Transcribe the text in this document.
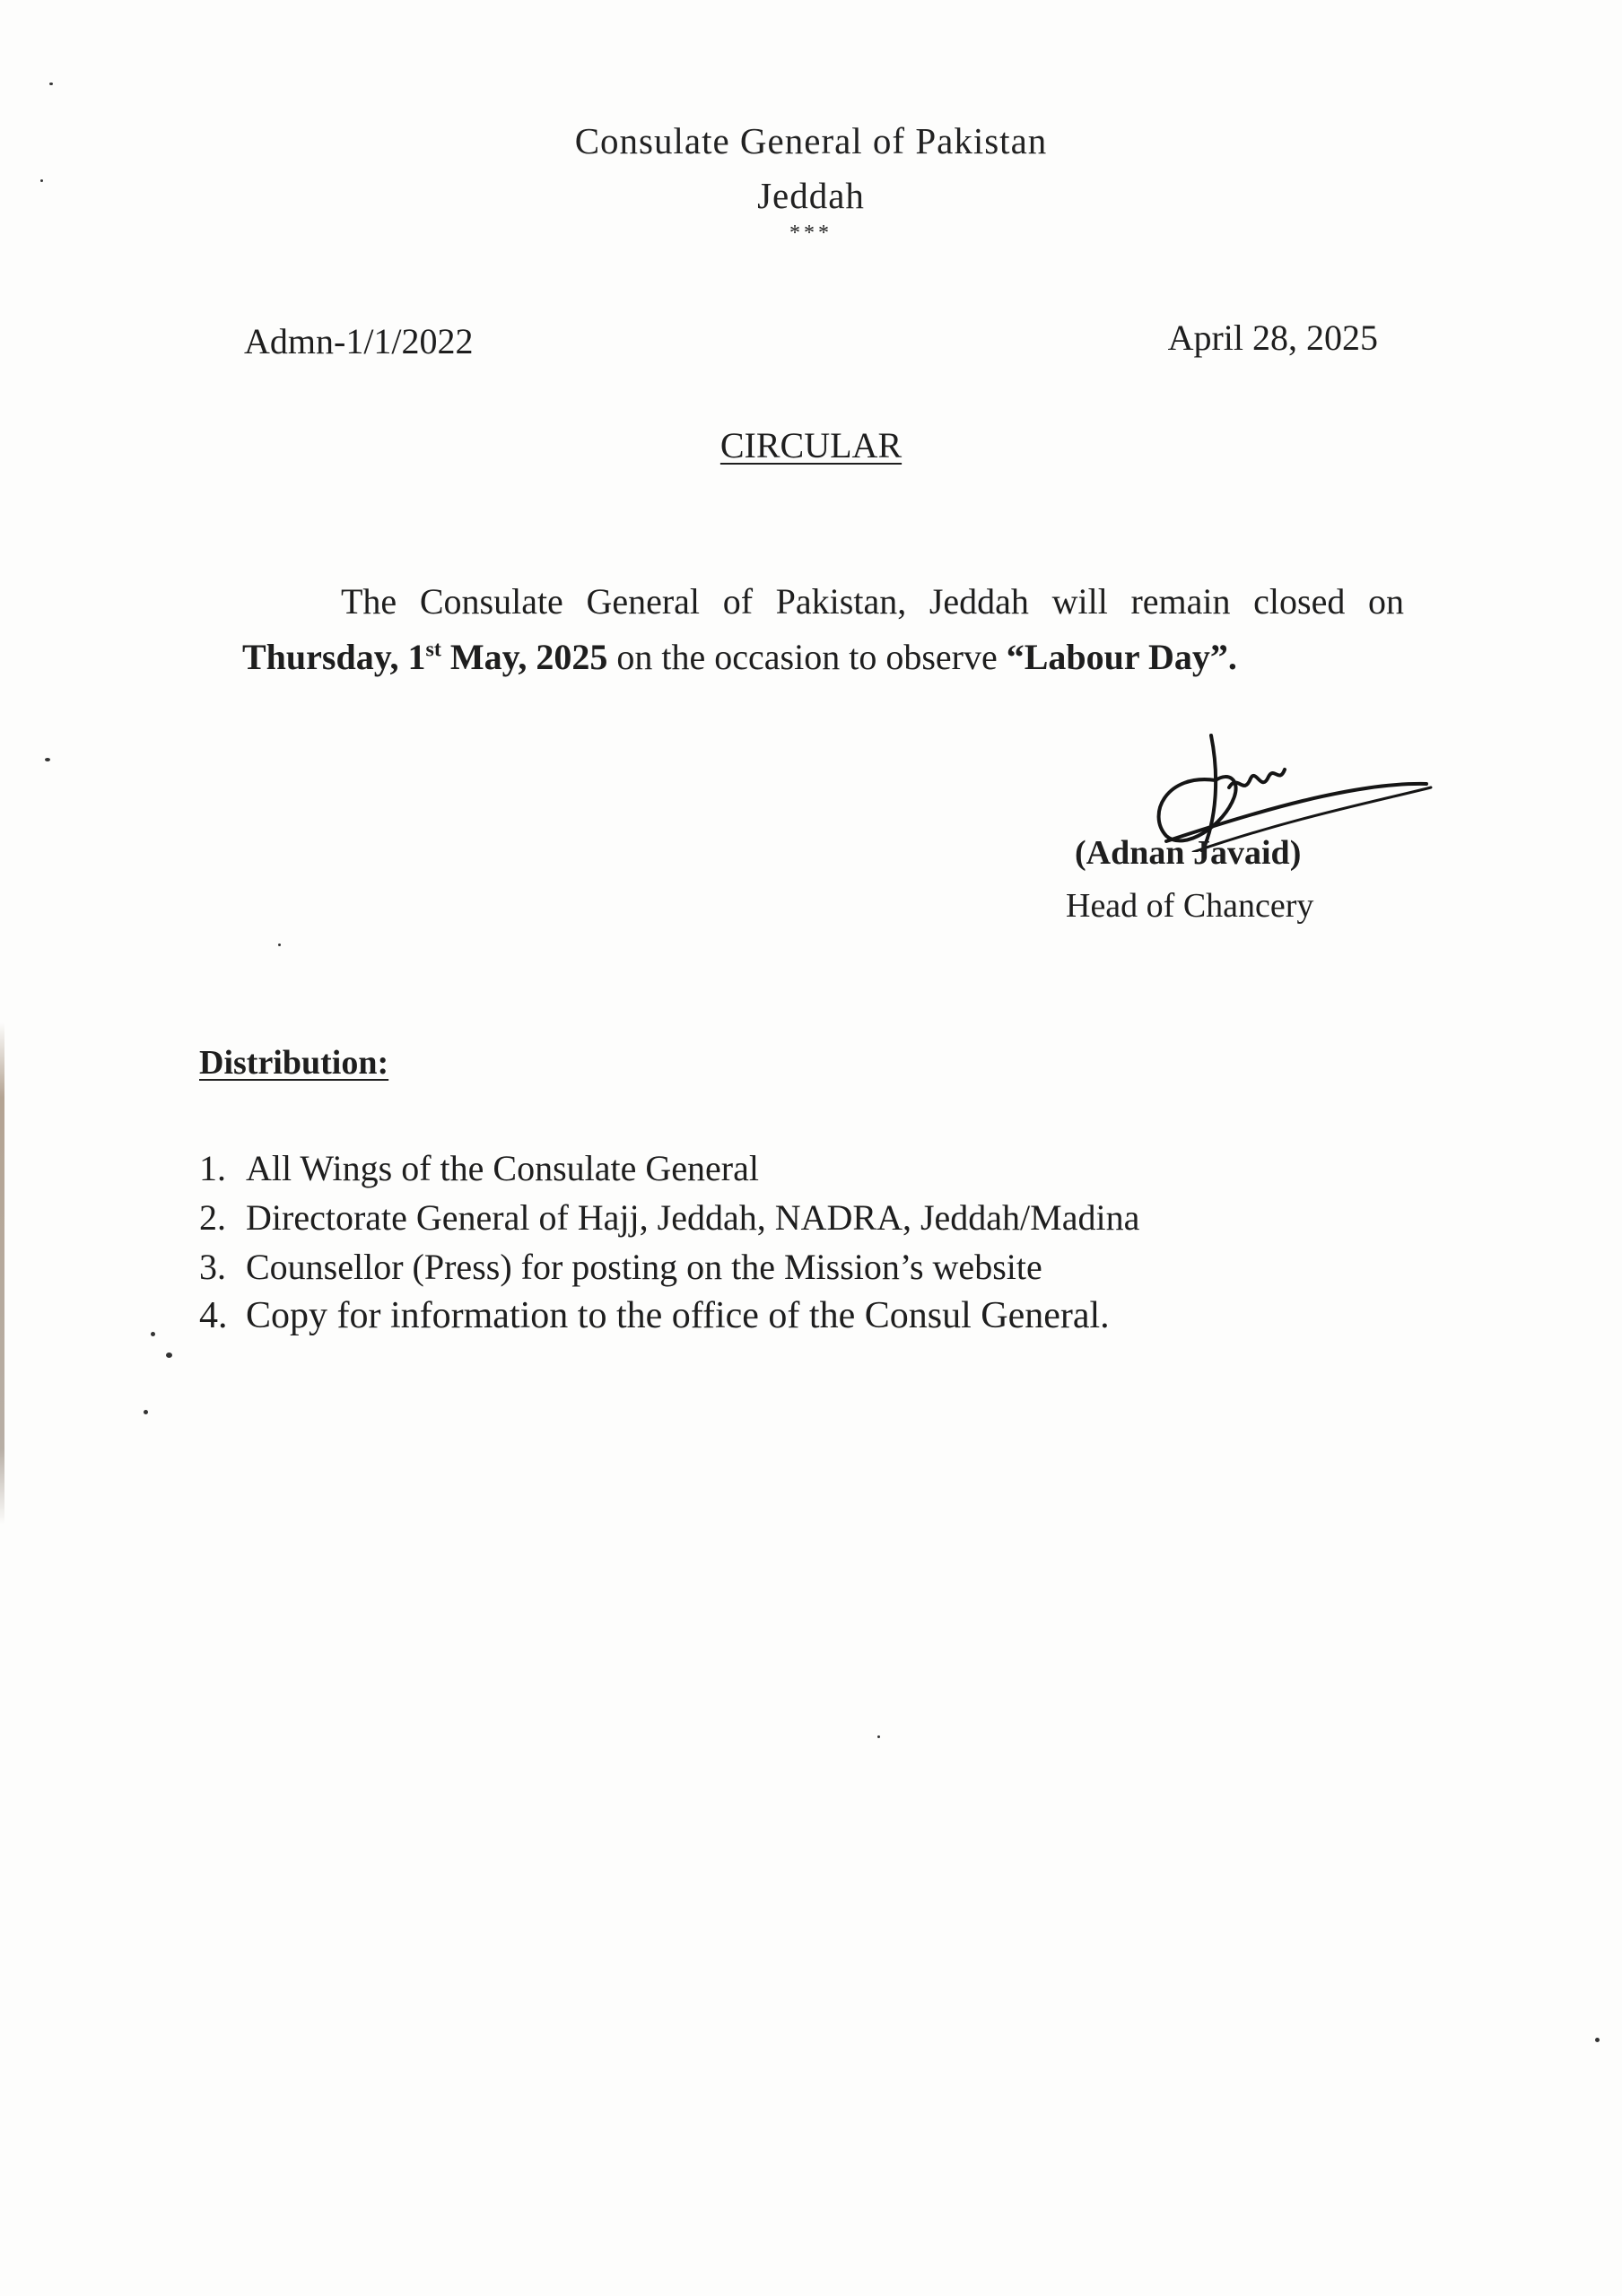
Consulate General of Pakistan
Jeddah
***
Admn-1/1/2022	April 28, 2025
CIRCULAR
The Consulate General of Pakistan, Jeddah will remain closed on Thursday, 1st May, 2025 on the occasion to observe “Labour Day”.
(Adnan Javaid)
Head of Chancery
Distribution:
1. All Wings of the Consulate General
2. Directorate General of Hajj, Jeddah, NADRA, Jeddah/Madina
3. Counsellor (Press) for posting on the Mission’s website
4. Copy for information to the office of the Consul General.
